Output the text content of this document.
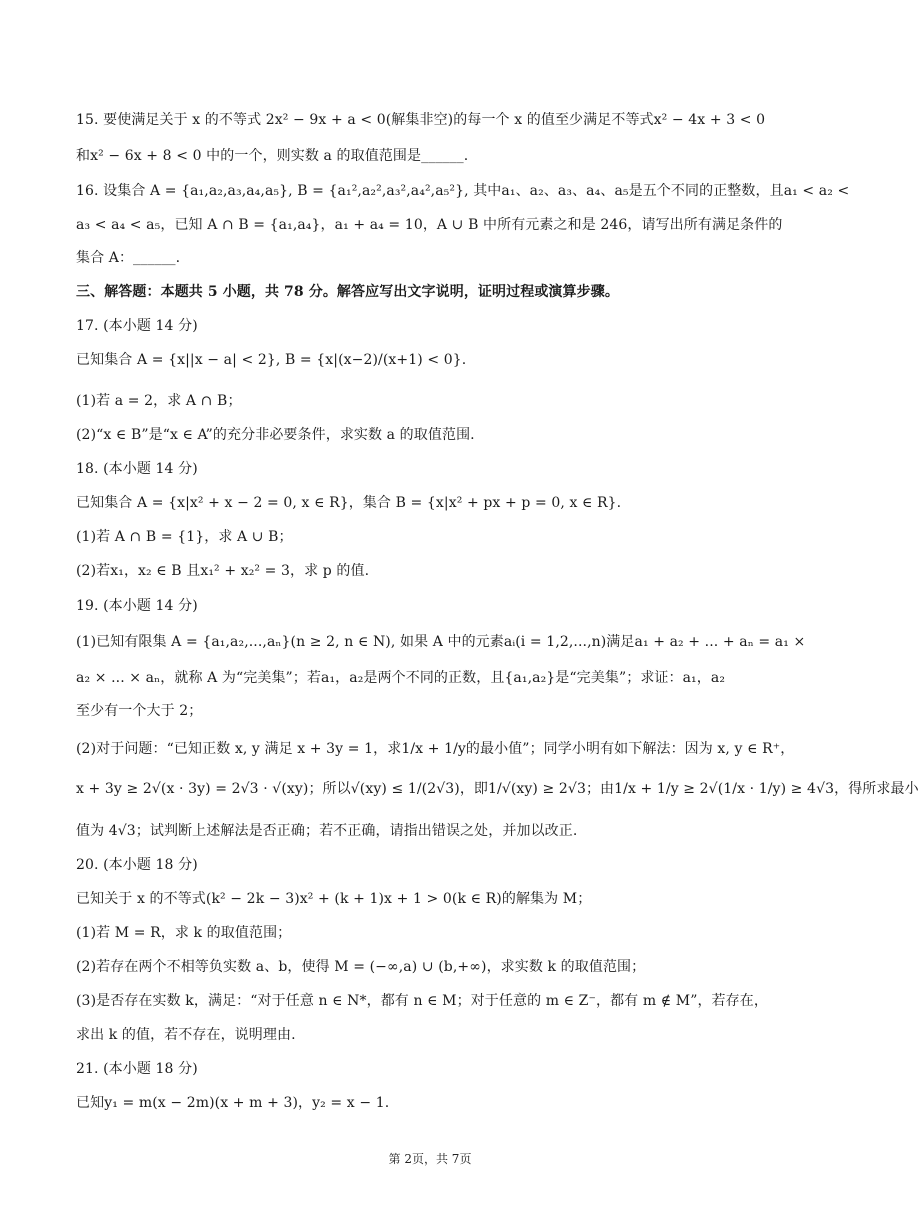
15. 要使满足关于 x 的不等式 2x² − 9x + a < 0(解集非空)的每一个 x 的值至少满足不等式x² − 4x + 3 < 0
和x² − 6x + 8 < 0 中的一个，则实数 a 的取值范围是______.
16. 设集合 A = {a₁,a₂,a₃,a₄,a₅}, B = {a₁²,a₂²,a₃²,a₄²,a₅²}, 其中a₁、a₂、a₃、a₄、a₅是五个不同的正整数，且a₁ < a₂ <
a₃ < a₄ < a₅，已知 A ∩ B = {a₁,a₄}，a₁ + a₄ = 10，A ∪ B 中所有元素之和是 246，请写出所有满足条件的
集合 A：______.
三、解答题：本题共 5 小题，共 78 分。解答应写出文字说明，证明过程或演算步骤。
17. (本小题 14 分)
已知集合 A = {x||x − a| < 2}, B = {x|(x−2)/(x+1) < 0}.
(1)若 a = 2，求 A ∩ B；
(2)“x ∈ B”是“x ∈ A”的充分非必要条件，求实数 a 的取值范围.
18. (本小题 14 分)
已知集合 A = {x|x² + x − 2 = 0, x ∈ R}，集合 B = {x|x² + px + p = 0, x ∈ R}.
(1)若 A ∩ B = {1}，求 A ∪ B；
(2)若x₁，x₂ ∈ B 且x₁² + x₂² = 3，求 p 的值.
19. (本小题 14 分)
(1)已知有限集 A = {a₁,a₂,...,aₙ}(n ≥ 2, n ∈ N), 如果 A 中的元素aᵢ(i = 1,2,...,n)满足a₁ + a₂ + ... + aₙ = a₁ ×
a₂ × ... × aₙ，就称 A 为“完美集”；若a₁，a₂是两个不同的正数，且{a₁,a₂}是“完美集”；求证：a₁，a₂
至少有一个大于 2；
(2)对于问题：“已知正数 x, y 满足 x + 3y = 1，求1/x + 1/y的最小值”；同学小明有如下解法：因为 x, y ∈ R⁺，
x + 3y ≥ 2√(x · 3y) = 2√3 · √(xy)；所以√(xy) ≤ 1/(2√3)，即1/√(xy) ≥ 2√3；由1/x + 1/y ≥ 2√(1/x · 1/y) ≥ 4√3，得所求最小
值为 4√3；试判断上述解法是否正确；若不正确，请指出错误之处，并加以改正.
20. (本小题 18 分)
已知关于 x 的不等式(k² − 2k − 3)x² + (k + 1)x + 1 > 0(k ∈ R)的解集为 M；
(1)若 M = R，求 k 的取值范围；
(2)若存在两个不相等负实数 a、b，使得 M = (−∞,a) ∪ (b,+∞)，求实数 k 的取值范围；
(3)是否存在实数 k，满足：“对于任意 n ∈ N*，都有 n ∈ M；对于任意的 m ∈ Z⁻，都有 m ∉ M”，若存在，
求出 k 的值，若不存在，说明理由.
21. (本小题 18 分)
已知y₁ = m(x − 2m)(x + m + 3)，y₂ = x − 1.
第 2页，共 7页
